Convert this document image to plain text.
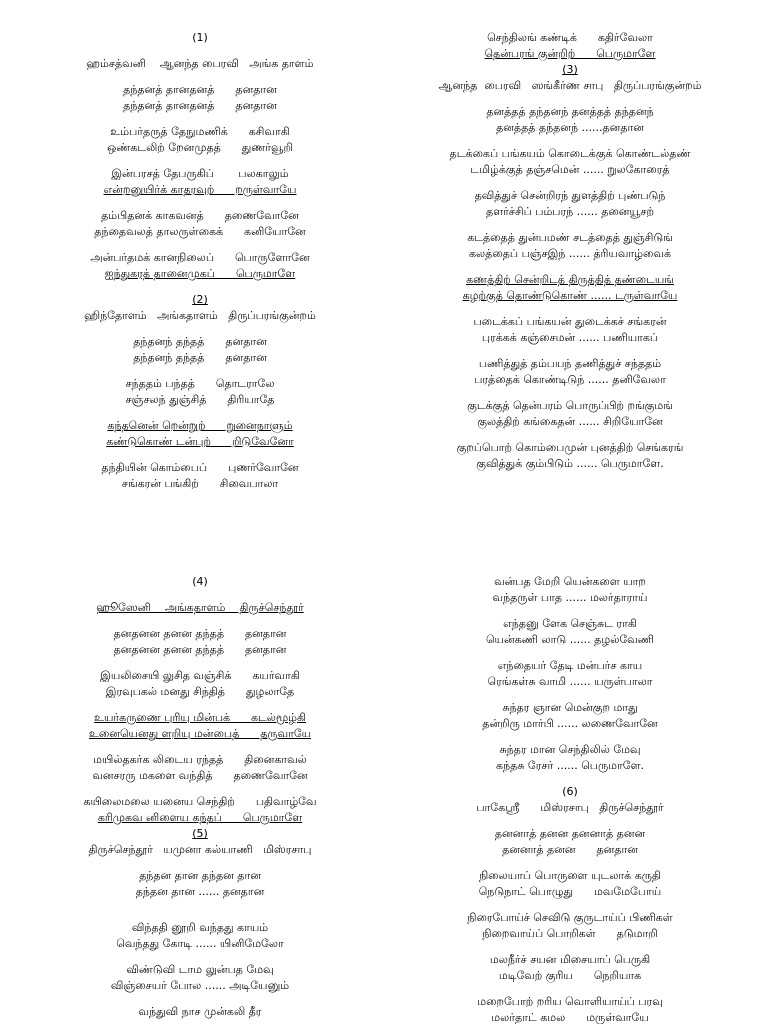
(1)

ஹம்சத்வனி    ஆனந்த பைரவி   அங்க தாளம்

தந்தனத் தானதனத்      தனதான

தந்தனத் தானதனத்      தனதான

உம்பர்தருத் தேநுமணிக்      கசிவாகி

ஒண்கடலிற் றேனமுதத்      துணர்வூறி

இன்பரசத் தேபருகிப்       பலகாலும்

என்றனுயிர்க் காதரவுற்      றருள்வாயே

தம்பிதனக் காகவனத்      தணைவோனே

தந்தைவலத் தாலருள்கைக்      கனியோனே

அன்பர்தமக் கானநிலைப்      பொருளோனே

ஐந்துகரத் தானைமுகப்      பெருமாளே

(2)

ஹிந்தோளம்   அங்கதாளம்   திருப்பரங்குன்றம்

தந்தனந் தந்தத்      தனதான

தந்தனந் தந்தத்      தனதான

சந்ததம் பந்தத்      தொடராலே

சஞ்சலந் துஞ்சித்      திரியாதே

கந்தனென் றென்றுற்      றுனைநாளும்

கண்டுகொண் டன்புற்      றிடுவேனோ

தந்தியின் கொம்பைப்      புணர்வோனே

சங்கரன் பங்கிற்      சிவைபாலா

செந்திலங் கண்டிக்      கதிர்வேலா

தென்பரங் குன்றிற்      பெருமாளே

(3)

ஆனந்த  பைரவி   ஸங்கீர்ண சாபு   திருப்பரங்குன்றம்

தனத்தத் தந்தனந் தனத்தத் தந்தனந்

தனத்தத் தந்தனந் ......தனதான

தடக்கைப் பங்கயம் கொடைக்குக் கொண்டல்தண்

டமிழ்க்குத் தஞ்சமென் ...... றுலகோரைத்

தவித்துச் சென்றிரந் துளத்திற் புண்படுந்

தளர்ச்சிப் பம்பரந் ...... தனையூசற்

கடத்தைத் துன்பமண் சடத்தைத் துஞ்சிடுங்

கலத்தைப் பஞ்சஇந் ...... த்ரியவாழ்வைக்

கணத்திற் சென்றிடத் திருத்தித் தண்டையங்

கழற்குத் தொண்டுகொண் ...... டருள்வாயே

படைக்கப் பங்கயன் துடைக்கச் சங்கரன்

புரக்கக் கஞ்சைமன் ...... பணியாகப்

பணித்துத் தம்பயந் தணித்துச் சந்ததம்

பரத்தைக் கொண்டிடுந் ...... தனிவேலா

குடக்குத் தென்பரம் பொருப்பிற் றங்குமங்

குலத்திற் கங்கைதன் ...... சிறியோனே

குறப்பொற் கொம்பைமுன் புனத்திற் செங்கரங்

குவித்துக் கும்பிடும் ...... பெருமாளே.

(4)

ஹூஸேனி    அங்கதாளம்    திருச்செந்தூர்

தனதனன தனன தந்தத்      தனதான

தனதனன தனன தந்தத்      தனதான

இயலிசையி லுசித வஞ்சிக்      கயர்வாகி

இரவுபகல் மனது சிந்தித்      துழலாதே

உயர்கருணை புரியு மின்பக்      கடல்மூழ்கி

உனையெனது ளறியு மன்பைத்      தருவாயே

மயில்தகர்க லிடைய ரந்தத்      தினைகாவல்

வனசரரு மகளை வந்தித்      தணைவோனே

கயிலைமலை யனைய செந்திற்      பதிவாழ்வே

கரிமுகவ னிளைய கந்தப்      பெருமாளே

(5)

திருச்செந்தூர்   யமுனா கல்யாணி   மிஸ்ரசாபு

தந்தன தான தந்தன தான

தந்தன தான ...... தனதான

விந்ததி னூறி வந்தது காயம்

வெந்தது கோடி ...... யினிமேலோ

விண்டுவி டாம லுன்பத மேவு

விஞ்சையர் போல ...... அடியேனும்

வந்துவி நாச முன்கலி தீர

வன்பத மேறி யென்களை யாற

வந்தருள் பாத ...... மலர்தாராய்

எந்தனு ளேக செஞ்சுட ராகி

யென்கணி லாடு ...... தழல்வேணி

எந்தையர் தேடி மன்பர்ச காய

ரெங்கள்சு வாமி ...... யருள்பாலா

சுந்தர ஞான மென்குற மாது

தன்றிரு மார்பி ...... லணைவோனே

சுந்தர மான செந்திலில் மேவு

கந்தசு ரேசர் ...... பெருமாளே.

(6)

பாகேஸ்ரீ      மிஸ்ரசாபு   திருச்செந்தூர்

தனனாத் தனன தனனாத் தனன

தனனாத் தனன      தனதான

நிலையாப் பொருளை யுடலாக் கருதி

நெடுநாட் பொழுது      மவமேபோய்

நிரைபோய்ச் செவிடு குருடாய்ப் பிணிகள்

நிறைவாய்ப் பொறிகள்      தடுமாறி

மலநீர்ச் சயன மிசையாப் பெருகி

மடிவேற் குரிய      நெறியாக

மறைபோற் றரிய வொளியாய்ப் பரவு

மலர்தாட் கமல      மருள்வாயே
